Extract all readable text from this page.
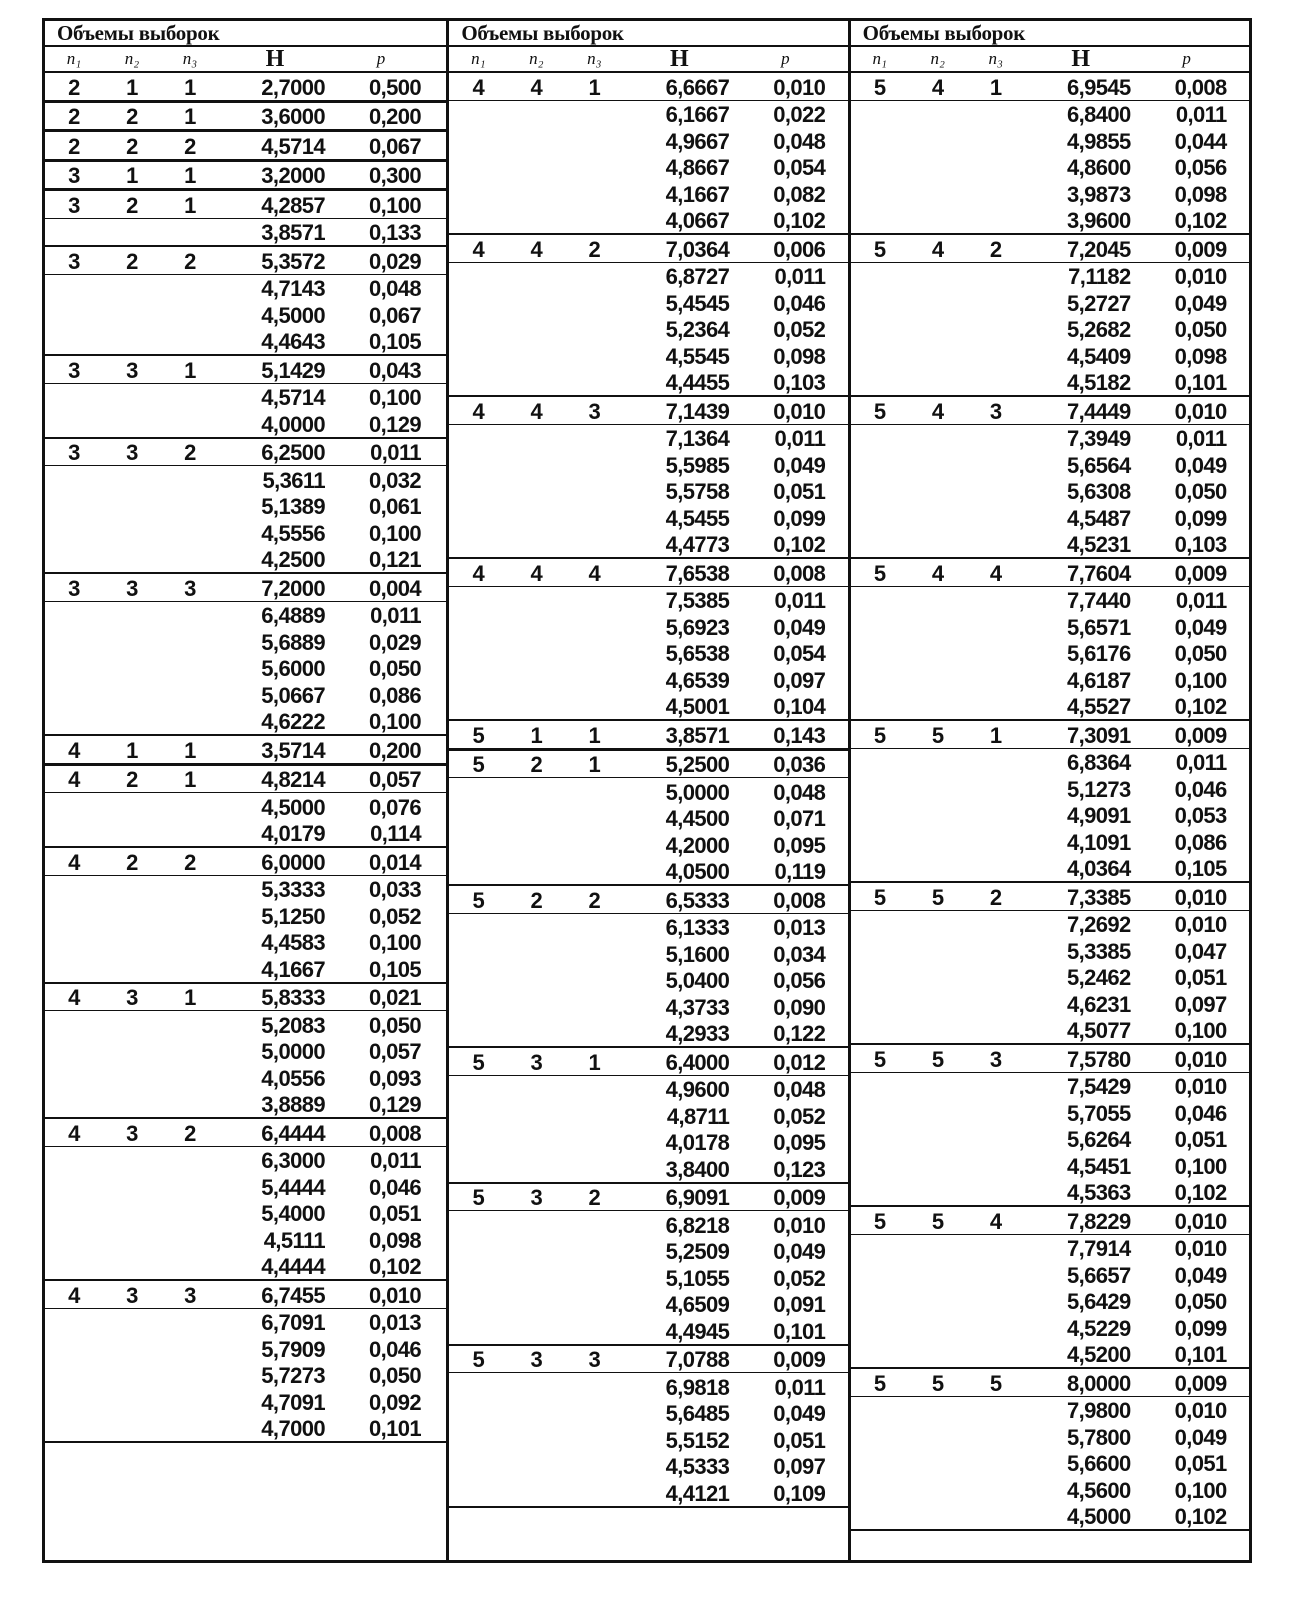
Объемы выборок
n₁	n₂	n₃	H	p
2	1	1	2,7000	0,500
2	2	1	3,6000	0,200
2	2	2	4,5714	0,067
3	1	1	3,2000	0,300
3	2	1	4,2857	0,100
3,8571	0,133
3	2	2	5,3572	0,029
4,7143	0,048
4,5000	0,067
4,4643	0,105
3	3	1	5,1429	0,043
4,5714	0,100
4,0000	0,129
3	3	2	6,2500	0,011
5,3611	0,032
5,1389	0,061
4,5556	0,100
4,2500	0,121
3	3	3	7,2000	0,004
6,4889	0,011
5,6889	0,029
5,6000	0,050
5,0667	0,086
4,6222	0,100
4	1	1	3,5714	0,200
4	2	1	4,8214	0,057
4,5000	0,076
4,0179	0,114
4	2	2	6,0000	0,014
5,3333	0,033
5,1250	0,052
4,4583	0,100
4,1667	0,105
4	3	1	5,8333	0,021
5,2083	0,050
5,0000	0,057
4,0556	0,093
3,8889	0,129
4	3	2	6,4444	0,008
6,3000	0,011
5,4444	0,046
5,4000	0,051
4,5111	0,098
4,4444	0,102
4	3	3	6,7455	0,010
6,7091	0,013
5,7909	0,046
5,7273	0,050
4,7091	0,092
4,7000	0,101
Объемы выборок
n₁	n₂	n₃	H	p
4	4	1	6,6667	0,010
6,1667	0,022
4,9667	0,048
4,8667	0,054
4,1667	0,082
4,0667	0,102
4	4	2	7,0364	0,006
6,8727	0,011
5,4545	0,046
5,2364	0,052
4,5545	0,098
4,4455	0,103
4	4	3	7,1439	0,010
7,1364	0,011
5,5985	0,049
5,5758	0,051
4,5455	0,099
4,4773	0,102
4	4	4	7,6538	0,008
7,5385	0,011
5,6923	0,049
5,6538	0,054
4,6539	0,097
4,5001	0,104
5	1	1	3,8571	0,143
5	2	1	5,2500	0,036
5,0000	0,048
4,4500	0,071
4,2000	0,095
4,0500	0,119
5	2	2	6,5333	0,008
6,1333	0,013
5,1600	0,034
5,0400	0,056
4,3733	0,090
4,2933	0,122
5	3	1	6,4000	0,012
4,9600	0,048
4,8711	0,052
4,0178	0,095
3,8400	0,123
5	3	2	6,9091	0,009
6,8218	0,010
5,2509	0,049
5,1055	0,052
4,6509	0,091
4,4945	0,101
5	3	3	7,0788	0,009
6,9818	0,011
5,6485	0,049
5,5152	0,051
4,5333	0,097
4,4121	0,109
Объемы выборок
n₁	n₂	n₃	H	p
5	4	1	6,9545	0,008
6,8400	0,011
4,9855	0,044
4,8600	0,056
3,9873	0,098
3,9600	0,102
5	4	2	7,2045	0,009
7,1182	0,010
5,2727	0,049
5,2682	0,050
4,5409	0,098
4,5182	0,101
5	4	3	7,4449	0,010
7,3949	0,011
5,6564	0,049
5,6308	0,050
4,5487	0,099
4,5231	0,103
5	4	4	7,7604	0,009
7,7440	0,011
5,6571	0,049
5,6176	0,050
4,6187	0,100
4,5527	0,102
5	5	1	7,3091	0,009
6,8364	0,011
5,1273	0,046
4,9091	0,053
4,1091	0,086
4,0364	0,105
5	5	2	7,3385	0,010
7,2692	0,010
5,3385	0,047
5,2462	0,051
4,6231	0,097
4,5077	0,100
5	5	3	7,5780	0,010
7,5429	0,010
5,7055	0,046
5,6264	0,051
4,5451	0,100
4,5363	0,102
5	5	4	7,8229	0,010
7,7914	0,010
5,6657	0,049
5,6429	0,050
4,5229	0,099
4,5200	0,101
5	5	5	8,0000	0,009
7,9800	0,010
5,7800	0,049
5,6600	0,051
4,5600	0,100
4,5000	0,102
